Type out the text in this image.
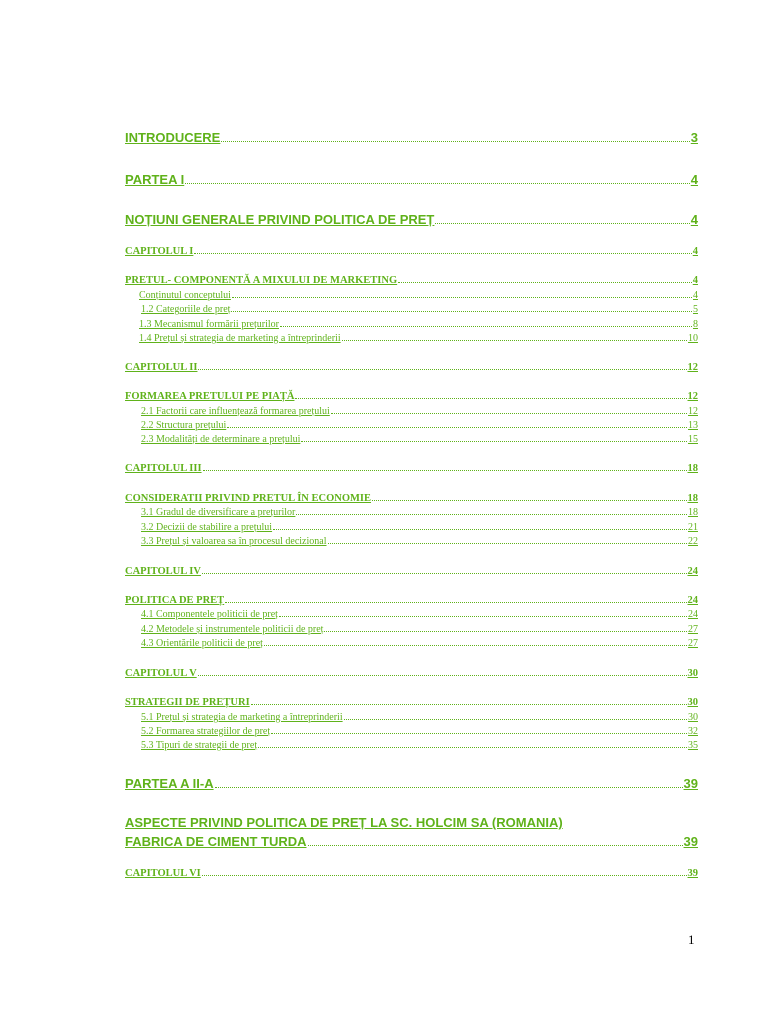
ASPECTE PRIVIND POLITICA DE PREȚ LA SC. HOLCIM SA (ROMANIA)
FABRICA DE CIMENT TURDA	39
CAPITOLUL VI	39
INTRODUCERE	3
PARTEA I	4
NOȚIUNI GENERALE PRIVIND POLITICA DE PREȚ	4
CAPITOLUL I	4
PRETUL- COMPONENTĂ A MIXULUI DE MARKETING	4
Conținutul conceptului	4
1.2 Categoriile de preț	5
1.3 Mecanismul formării prețurilor	8
1.4 Prețul și strategia de marketing a întreprinderii	10
CAPITOLUL II	12
FORMAREA PRETULUI PE PIAȚĂ	12
2.1 Factorii care influențează formarea prețului	12
2.2 Structura prețului	13
2.3 Modalități de determinare a prețului	15
CAPITOLUL III	18
CONSIDERATII PRIVIND PRETUL ÎN ECONOMIE	18
3.1 Gradul de diversificare a prețurilor	18
3.2 Decizii de stabilire a prețului	21
3.3 Prețul și valoarea sa în procesul decizional	22
CAPITOLUL IV	24
POLITICA DE PREȚ	24
4.1 Componentele politicii de preț	24
4.2 Metodele și instrumentele politicii de preț	27
4.3 Orientările politicii de preț	27
CAPITOLUL V	30
STRATEGII DE PREȚURI	30
5.1 Prețul și strategia de marketing a întreprinderii	30
5.2 Formarea strategiilor de preț	32
5.3 Tipuri de strategii de preț	35
PARTEA A II-A	39
1
